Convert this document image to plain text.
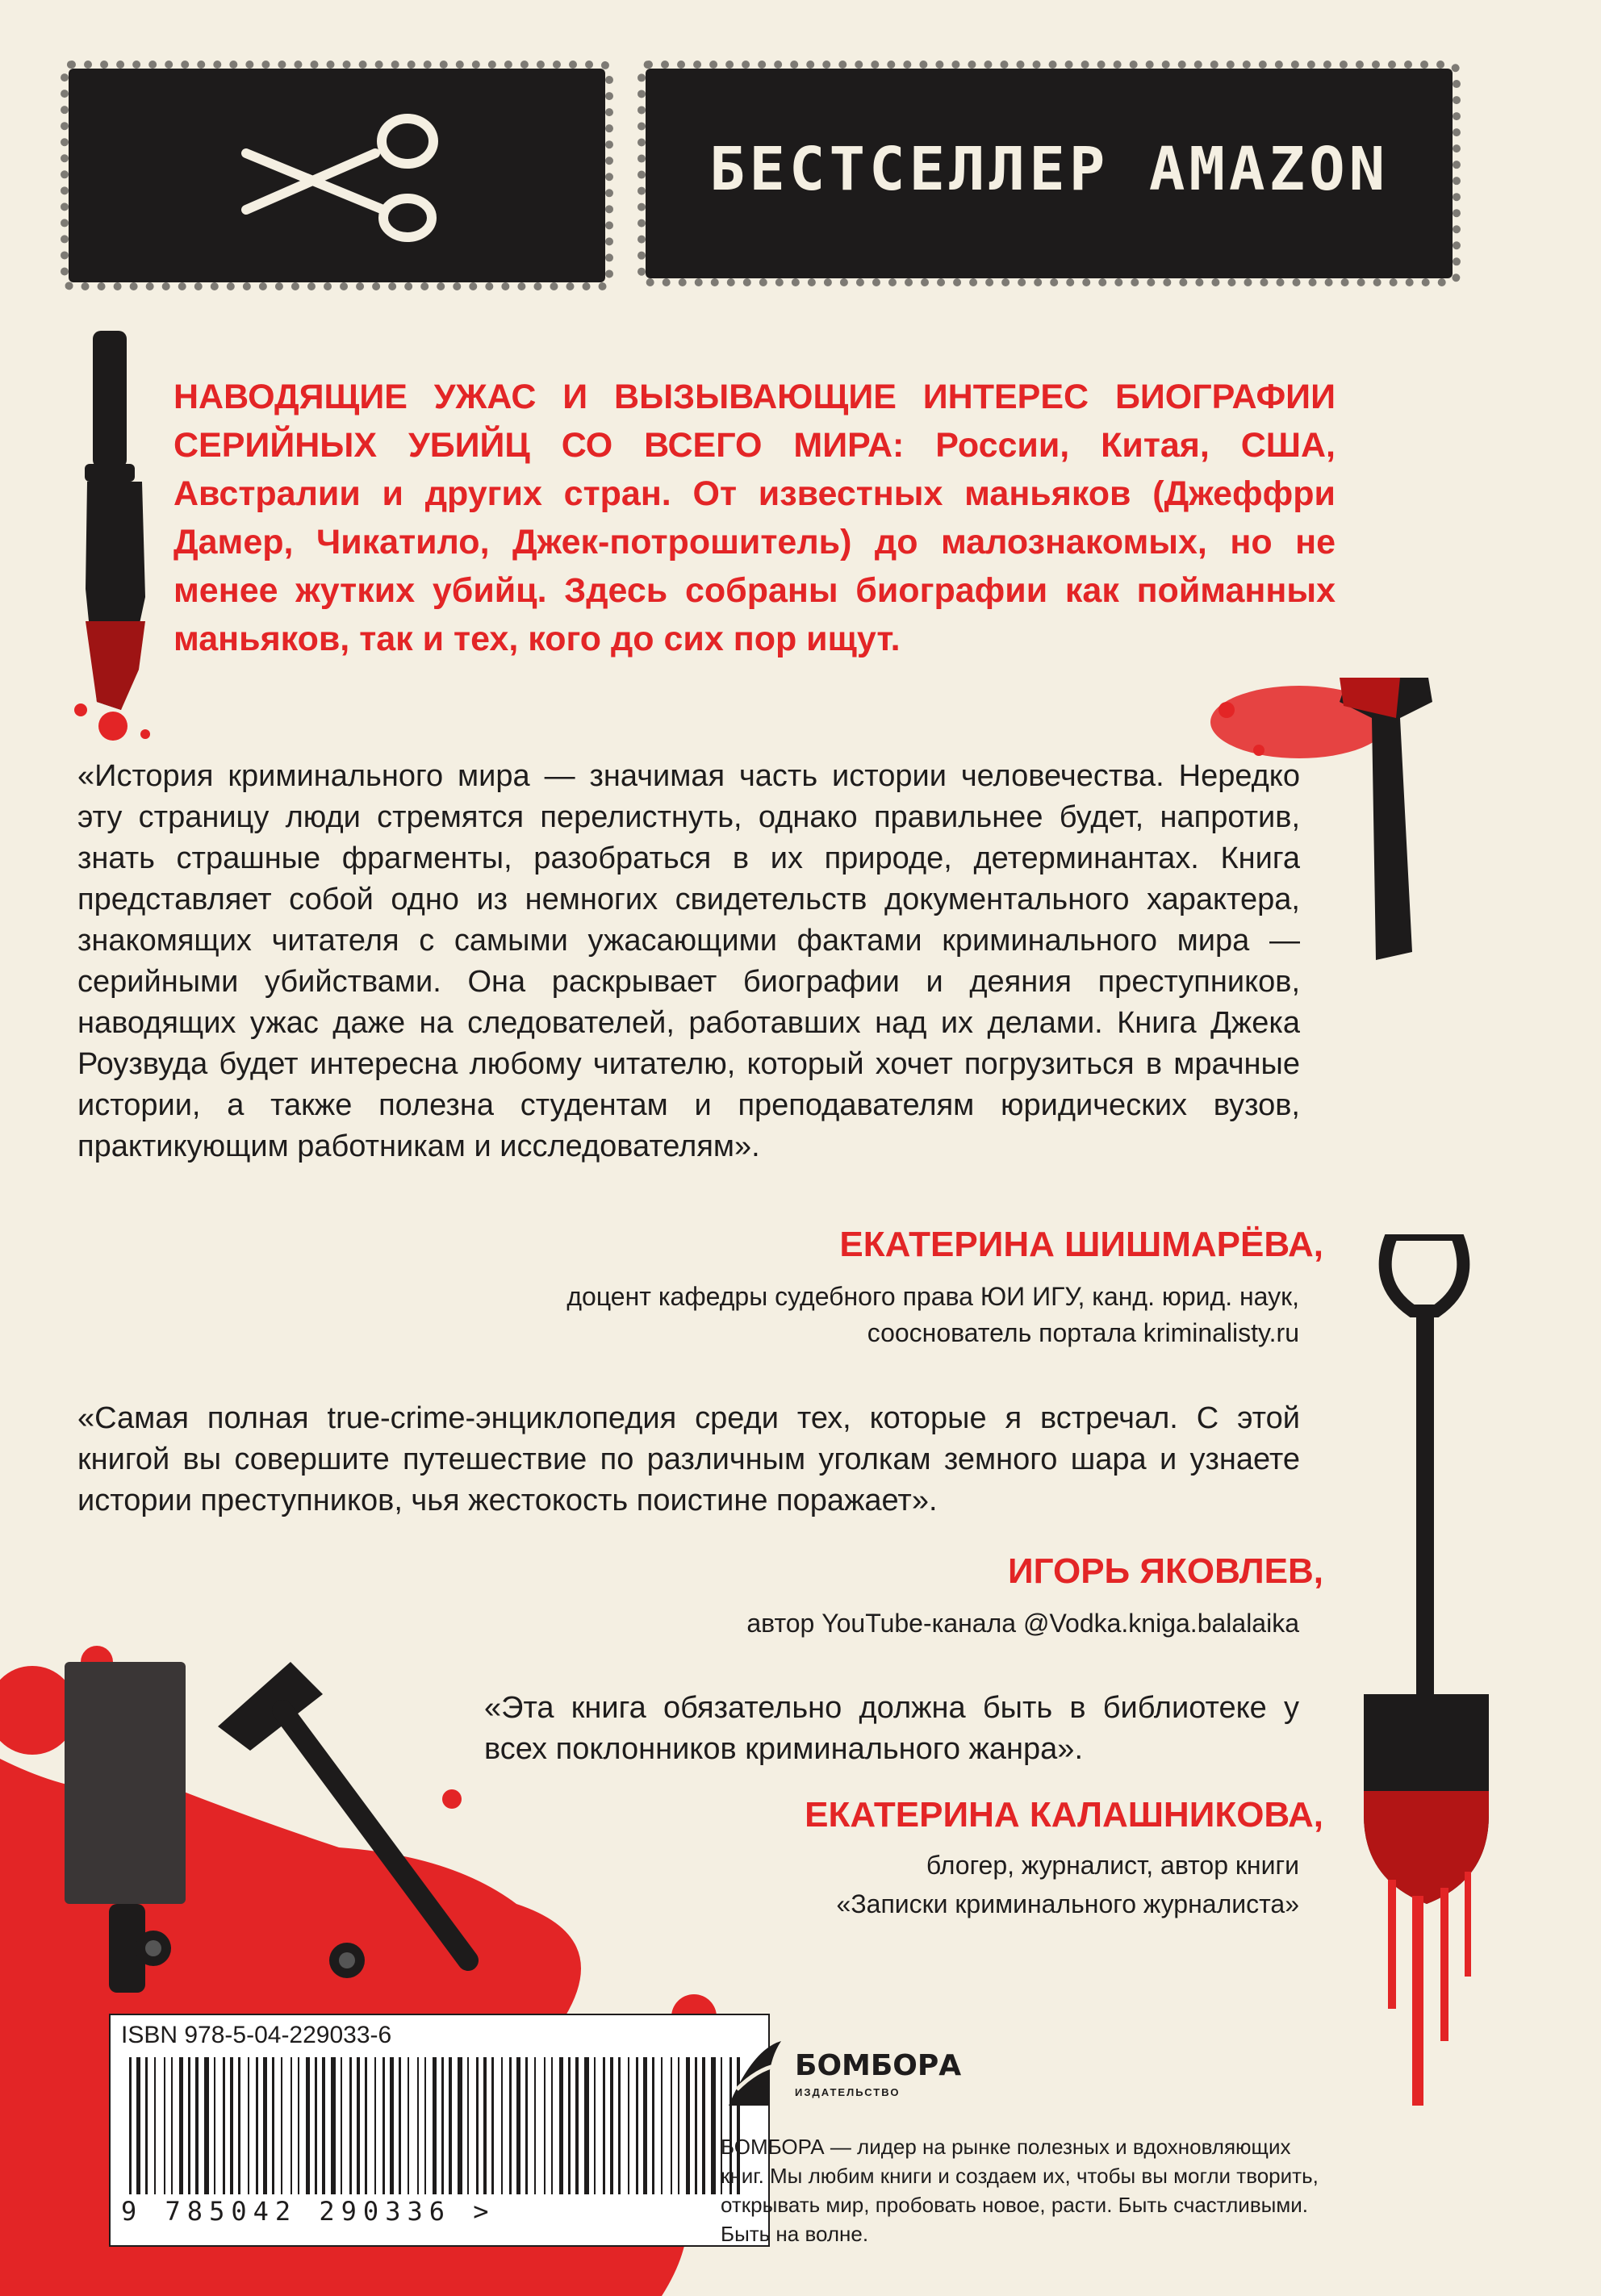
БЕСТСЕЛЛЕР AMAZON
НАВОДЯЩИЕ УЖАС И ВЫЗЫВАЮЩИЕ ИНТЕРЕС БИОГРАФИИ СЕРИЙНЫХ УБИЙЦ СО ВСЕГО МИРА: России, Китая, США, Австралии и других стран. От известных маньяков (Джеффри Дамер, Чикатило, Джек-потрошитель) до малознакомых, но не менее жутких убийц. Здесь собраны биографии как пойманных маньяков, так и тех, кого до сих пор ищут.
«История криминального мира — значимая часть истории человечества. Нередко эту страницу люди стремятся перелистнуть, однако правильнее будет, напротив, знать страшные фрагменты, разобраться в их природе, детерминантах. Книга представляет собой одно из немногих свидетельств документального характера, знакомящих читателя с самыми ужасающими фактами криминального мира — серийными убийствами. Она раскрывает биографии и деяния преступников, наводящих ужас даже на следователей, работавших над их делами. Книга Джека Роузвуда будет интересна любому читателю, который хочет погрузиться в мрачные истории, а также полезна студентам и преподавателям юридических вузов, практикующим работникам и исследователям».
ЕКАТЕРИНА ШИШМАРЁВА,
доцент кафедры судебного права ЮИ ИГУ, канд. юрид. наук,
сооснователь портала kriminalisty.ru
«Самая полная true-crime-энциклопедия среди тех, которые я встречал. С этой книгой вы совершите путешествие по различным уголкам земного шара и узнаете истории преступников, чья жестокость поистине поражает».
ИГОРЬ ЯКОВЛЕВ,
автор YouTube-канала @Vodka.kniga.balalaika
«Эта книга обязательно должна быть в библиотеке у всех поклонников криминального жанра».
ЕКАТЕРИНА КАЛАШНИКОВА,
блогер, журналист, автор книги
«Записки криминального журналиста»
ISBN 978-5-04-229033-6
9 785042 290336 >
БОМБОРА
ИЗДАТЕЛЬСТВО
БОМБОРА — лидер на рынке полезных и вдохновляющих книг. Мы любим книги и создаем их, чтобы вы могли творить, открывать мир, пробовать новое, расти. Быть счастливыми. Быть на волне.
